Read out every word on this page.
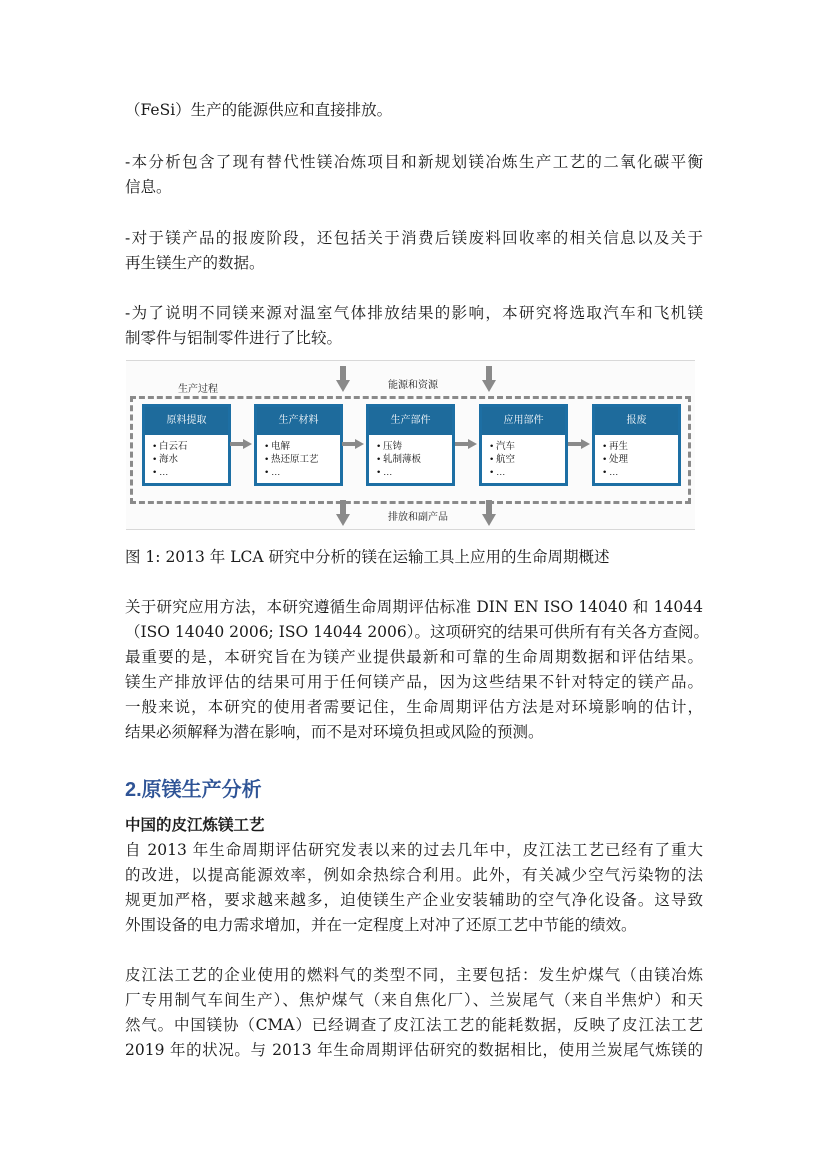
（FeSi）生产的能源供应和直接排放。
-本分析包含了现有替代性镁冶炼项目和新规划镁冶炼生产工艺的二氧化碳平衡
信息。
-对于镁产品的报废阶段，还包括关于消费后镁废料回收率的相关信息以及关于
再生镁生产的数据。
-为了说明不同镁来源对温室气体排放结果的影响，本研究将选取汽车和飞机镁
制零件与铝制零件进行了比较。
能源和资源
生产过程
原料提取
• 白云石
• 海水
• …
生产材料
• 电解
• 热还原工艺
• …
生产部件
• 压铸
• 轧制薄板
• …
应用部件
• 汽车
• 航空
• …
报废
• 再生
• 处理
• …
排放和副产品

图 1: 2013 年 LCA 研究中分析的镁在运输工具上应用的生命周期概述

关于研究应用方法，本研究遵循生命周期评估标准 DIN EN ISO 14040 和 14044
（ISO 14040 2006; ISO 14044 2006）。这项研究的结果可供所有有关各方查阅。
最重要的是，本研究旨在为镁产业提供最新和可靠的生命周期数据和评估结果。
镁生产排放评估的结果可用于任何镁产品，因为这些结果不针对特定的镁产品。
一般来说，本研究的使用者需要记住，生命周期评估方法是对环境影响的估计，
结果必须解释为潜在影响，而不是对环境负担或风险的预测。
2.原镁生产分析
中国的皮江炼镁工艺
自 2013 年生命周期评估研究发表以来的过去几年中，皮江法工艺已经有了重大
的改进，以提高能源效率，例如余热综合利用。此外，有关减少空气污染物的法
规更加严格，要求越来越多，迫使镁生产企业安装辅助的空气净化设备。这导致
外围设备的电力需求增加，并在一定程度上对冲了还原工艺中节能的绩效。
皮江法工艺的企业使用的燃料气的类型不同，主要包括：发生炉煤气（由镁冶炼
厂专用制气车间生产）、焦炉煤气（来自焦化厂）、兰炭尾气（来自半焦炉）和天
然气。中国镁协（CMA）已经调查了皮江法工艺的能耗数据，反映了皮江法工艺
2019 年的状况。与 2013 年生命周期评估研究的数据相比，使用兰炭尾气炼镁的
